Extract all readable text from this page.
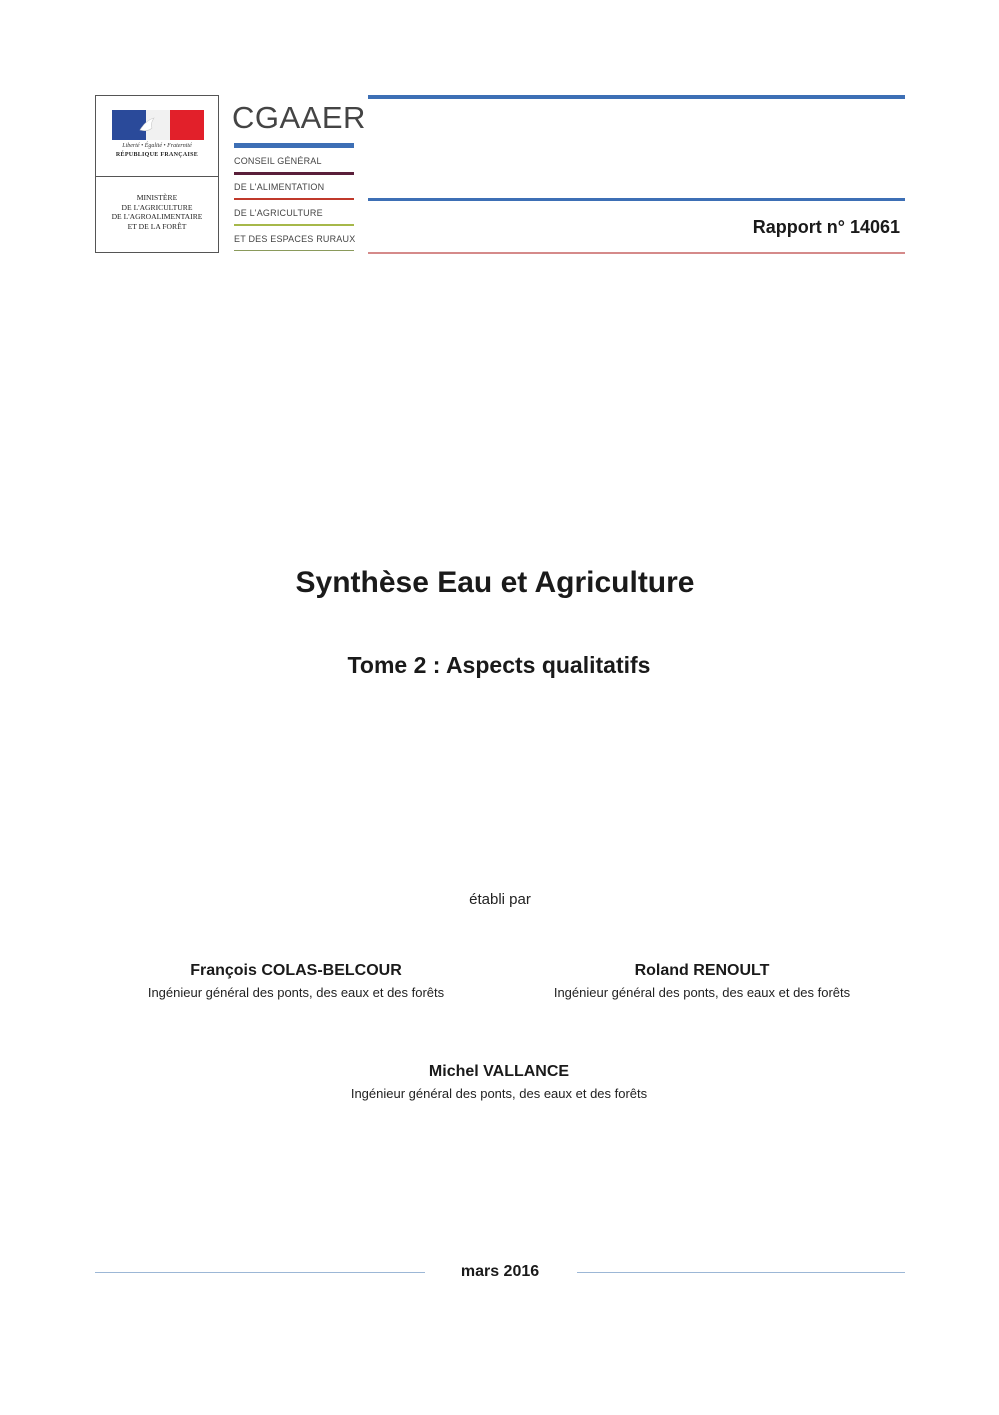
Liberté • Égalité • Fraternité
RÉPUBLIQUE FRANÇAISE
MINISTÈRE
DE L'AGRICULTURE
DE L'AGROALIMENTAIRE
ET DE LA FORÊT
CGAAER
CONSEIL GÉNÉRAL
DE L'ALIMENTATION
DE L'AGRICULTURE
ET DES ESPACES RURAUX
Rapport n° 14061
Synthèse Eau et Agriculture
Tome 2 : Aspects qualitatifs
établi par
François COLAS-BELCOUR
Ingénieur général des ponts, des eaux et des forêts
Roland RENOULT
Ingénieur général des ponts, des eaux et des forêts
Michel VALLANCE
Ingénieur général des ponts, des eaux et des forêts
mars 2016
